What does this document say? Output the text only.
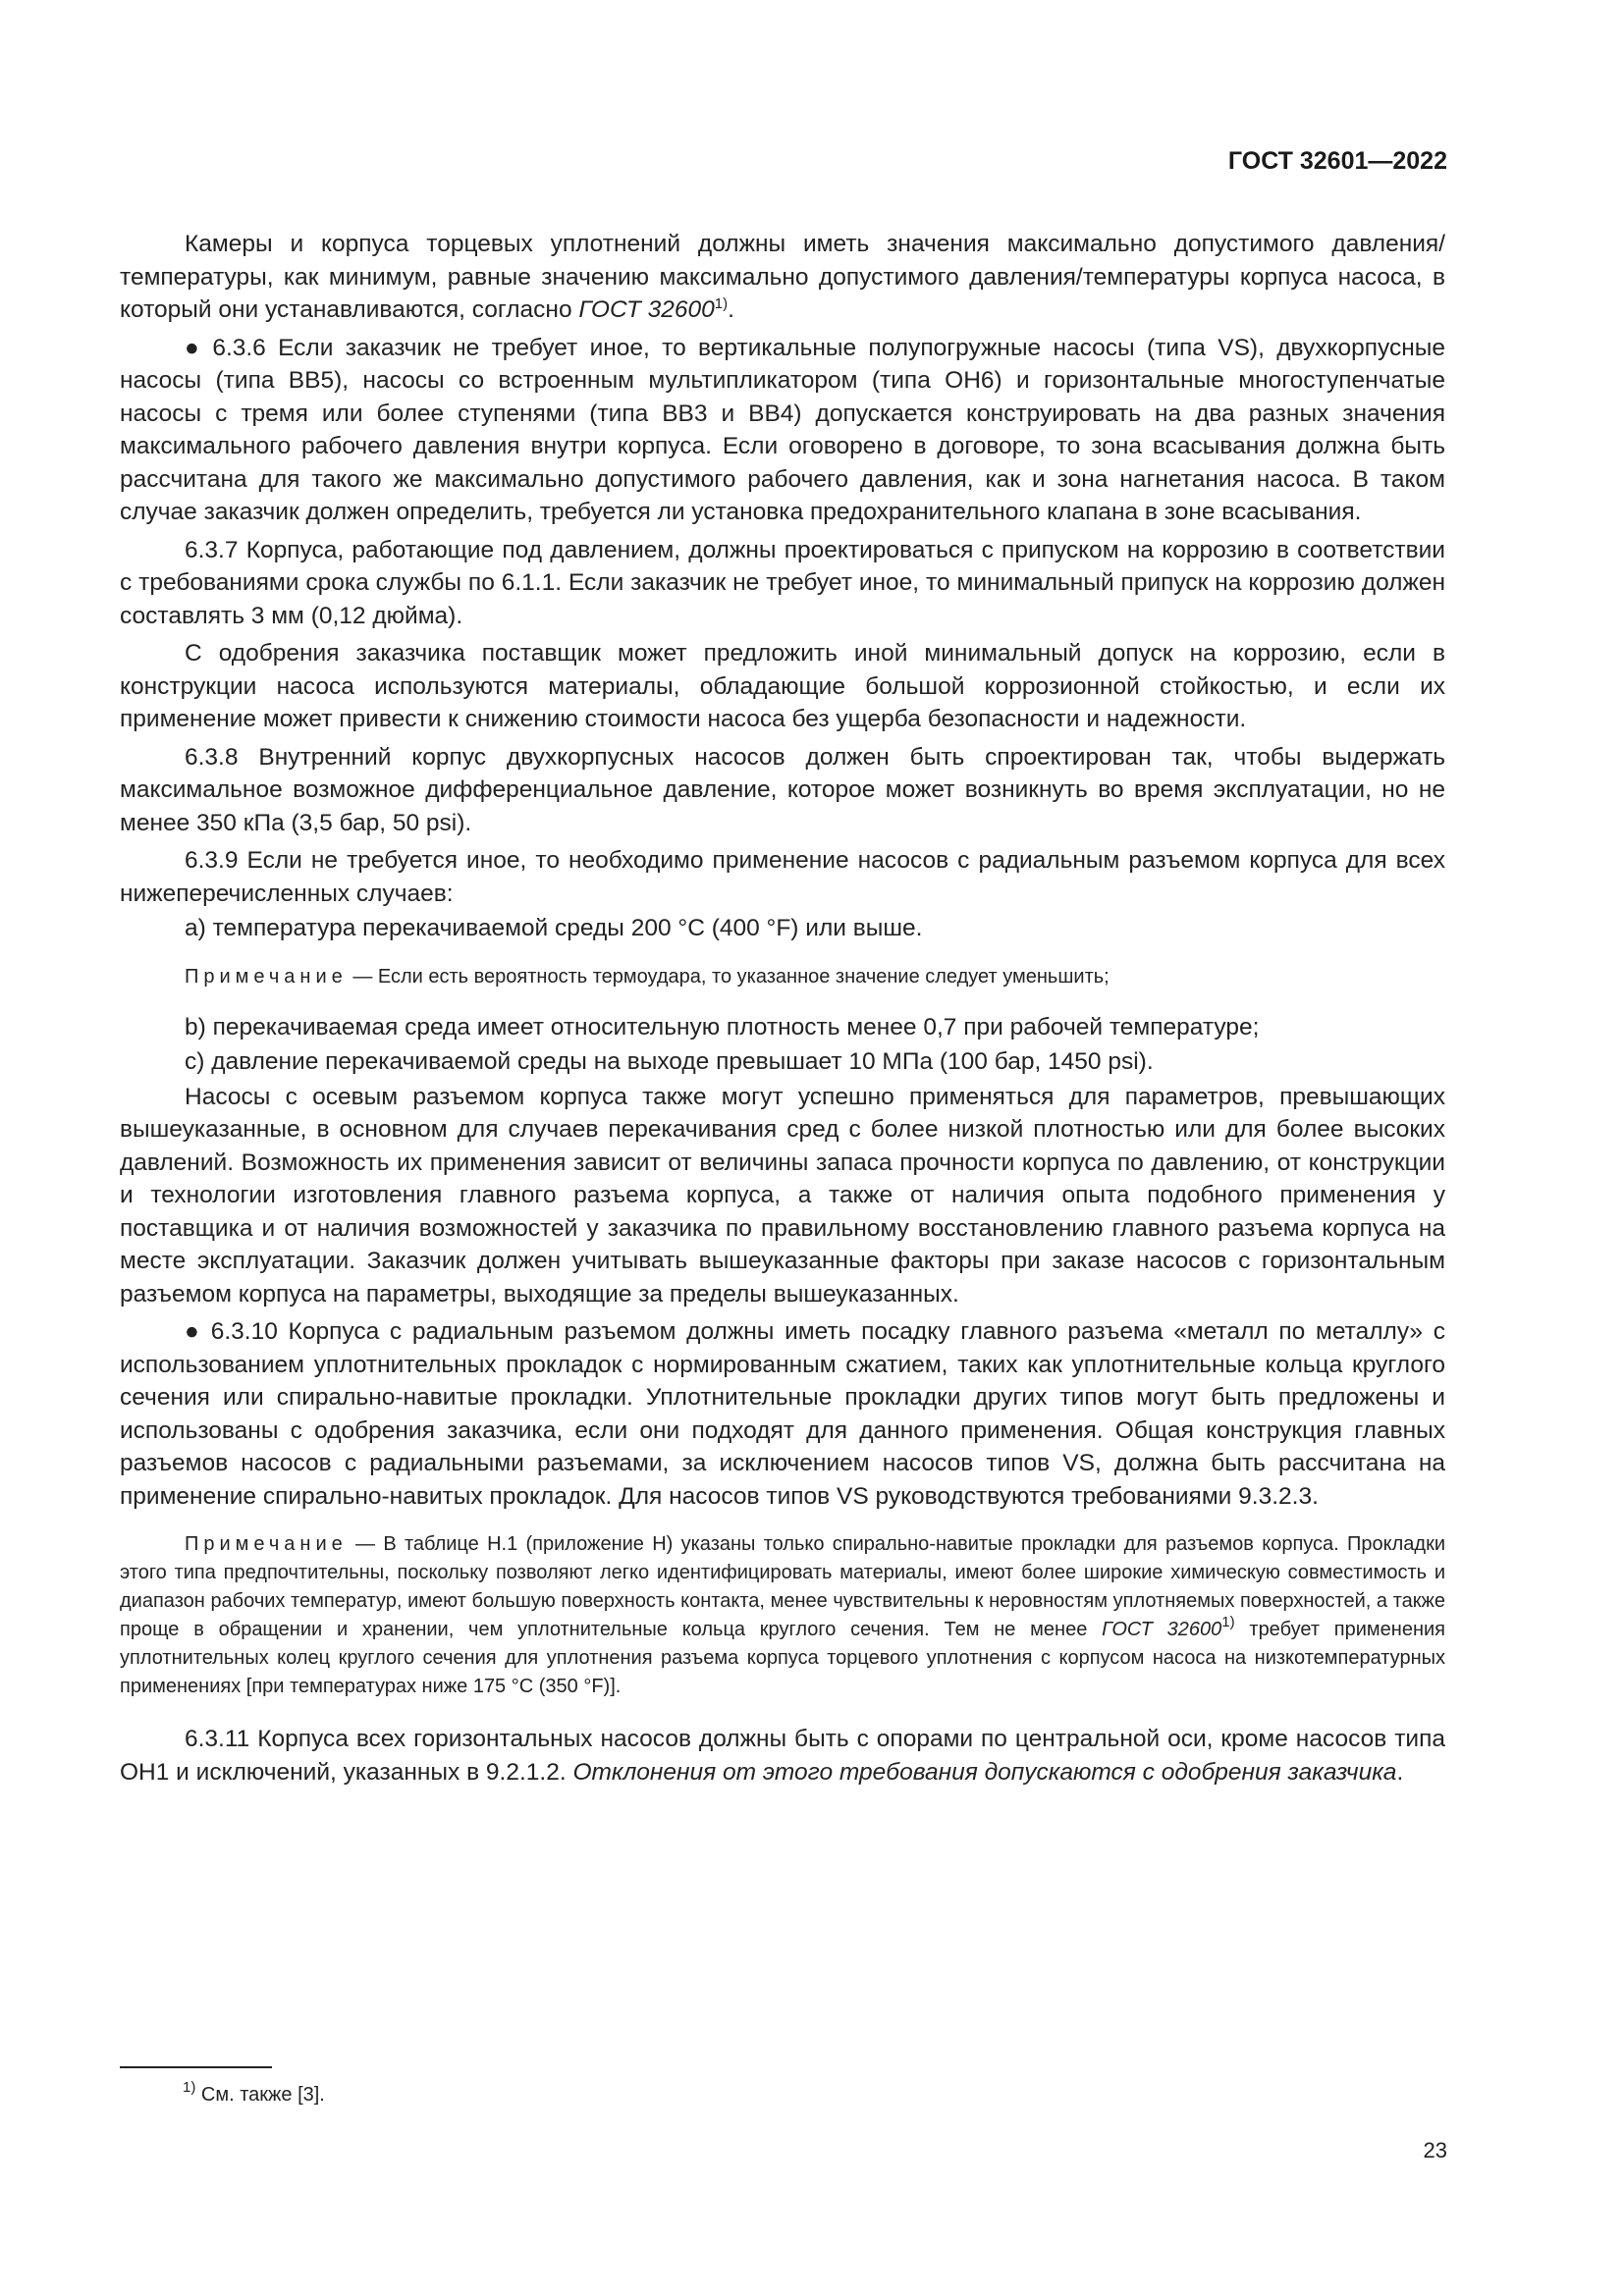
ГОСТ 32601—2022

Камеры и корпуса торцевых уплотнений должны иметь значения максимально допустимого давления/температуры, как минимум, равные значению максимально допустимого давления/температуры корпуса насоса, в который они устанавливаются, согласно ГОСТ 32600$^{1)}$.

● 6.3.6 Если заказчик не требует иное, то вертикальные полупогружные насосы (типа VS), двухкорпусные насосы (типа BB5), насосы со встроенным мультипликатором (типа OH6) и горизонтальные многоступенчатые насосы с тремя или более ступенями (типа BB3 и BB4) допускается конструировать на два разных значения максимального рабочего давления внутри корпуса. Если оговорено в договоре, то зона всасывания должна быть рассчитана для такого же максимально допустимого рабочего давления, как и зона нагнетания насоса. В таком случае заказчик должен определить, требуется ли установка предохранительного клапана в зоне всасывания.

6.3.7 Корпуса, работающие под давлением, должны проектироваться с припуском на коррозию в соответствии с требованиями срока службы по 6.1.1. Если заказчик не требует иное, то минимальный припуск на коррозию должен составлять 3 мм (0,12 дюйма).

С одобрения заказчика поставщик может предложить иной минимальный допуск на коррозию, если в конструкции насоса используются материалы, обладающие большой коррозионной стойкостью, и если их применение может привести к снижению стоимости насоса без ущерба безопасности и надежности.

6.3.8 Внутренний корпус двухкорпусных насосов должен быть спроектирован так, чтобы выдержать максимальное возможное дифференциальное давление, которое может возникнуть во время эксплуатации, но не менее 350 кПа (3,5 бар, 50 psi).

6.3.9 Если не требуется иное, то необходимо применение насосов с радиальным разъемом корпуса для всех нижеперечисленных случаев:

a) температура перекачиваемой среды 200 °С (400 °F) или выше.

Примечание — Если есть вероятность термоудара, то указанное значение следует уменьшить;

b) перекачиваемая среда имеет относительную плотность менее 0,7 при рабочей температуре;

c) давление перекачиваемой среды на выходе превышает 10 МПа (100 бар, 1450 psi).

Насосы с осевым разъемом корпуса также могут успешно применяться для параметров, превышающих вышеуказанные, в основном для случаев перекачивания сред с более низкой плотностью или для более высоких давлений. Возможность их применения зависит от величины запаса прочности корпуса по давлению, от конструкции и технологии изготовления главного разъема корпуса, а также от наличия опыта подобного применения у поставщика и от наличия возможностей у заказчика по правильному восстановлению главного разъема корпуса на месте эксплуатации. Заказчик должен учитывать вышеуказанные факторы при заказе насосов с горизонтальным разъемом корпуса на параметры, выходящие за пределы вышеуказанных.

● 6.3.10 Корпуса с радиальным разъемом должны иметь посадку главного разъема «металл по металлу» с использованием уплотнительных прокладок с нормированным сжатием, таких как уплотнительные кольца круглого сечения или спирально-навитые прокладки. Уплотнительные прокладки других типов могут быть предложены и использованы с одобрения заказчика, если они подходят для данного применения. Общая конструкция главных разъемов насосов с радиальными разъемами, за исключением насосов типов VS, должна быть рассчитана на применение спирально-навитых прокладок. Для насосов типов VS руководствуются требованиями 9.3.2.3.

Примечание — В таблице Н.1 (приложение Н) указаны только спирально-навитые прокладки для разъемов корпуса. Прокладки этого типа предпочтительны, поскольку позволяют легко идентифицировать материалы, имеют более широкие химическую совместимость и диапазон рабочих температур, имеют большую поверхность контакта, менее чувствительны к неровностям уплотняемых поверхностей, а также проще в обращении и хранении, чем уплотнительные кольца круглого сечения. Тем не менее ГОСТ 32600$^{1)}$ требует применения уплотнительных колец круглого сечения для уплотнения разъема корпуса торцевого уплотнения с корпусом насоса на низкотемпературных применениях [при температурах ниже 175 °С (350 °F)].

6.3.11 Корпуса всех горизонтальных насосов должны быть с опорами по центральной оси, кроме насосов типа ОН1 и исключений, указанных в 9.2.1.2. Отклонения от этого требования допускаются с одобрения заказчика.

$^{1)}$ См. также [3].
23
